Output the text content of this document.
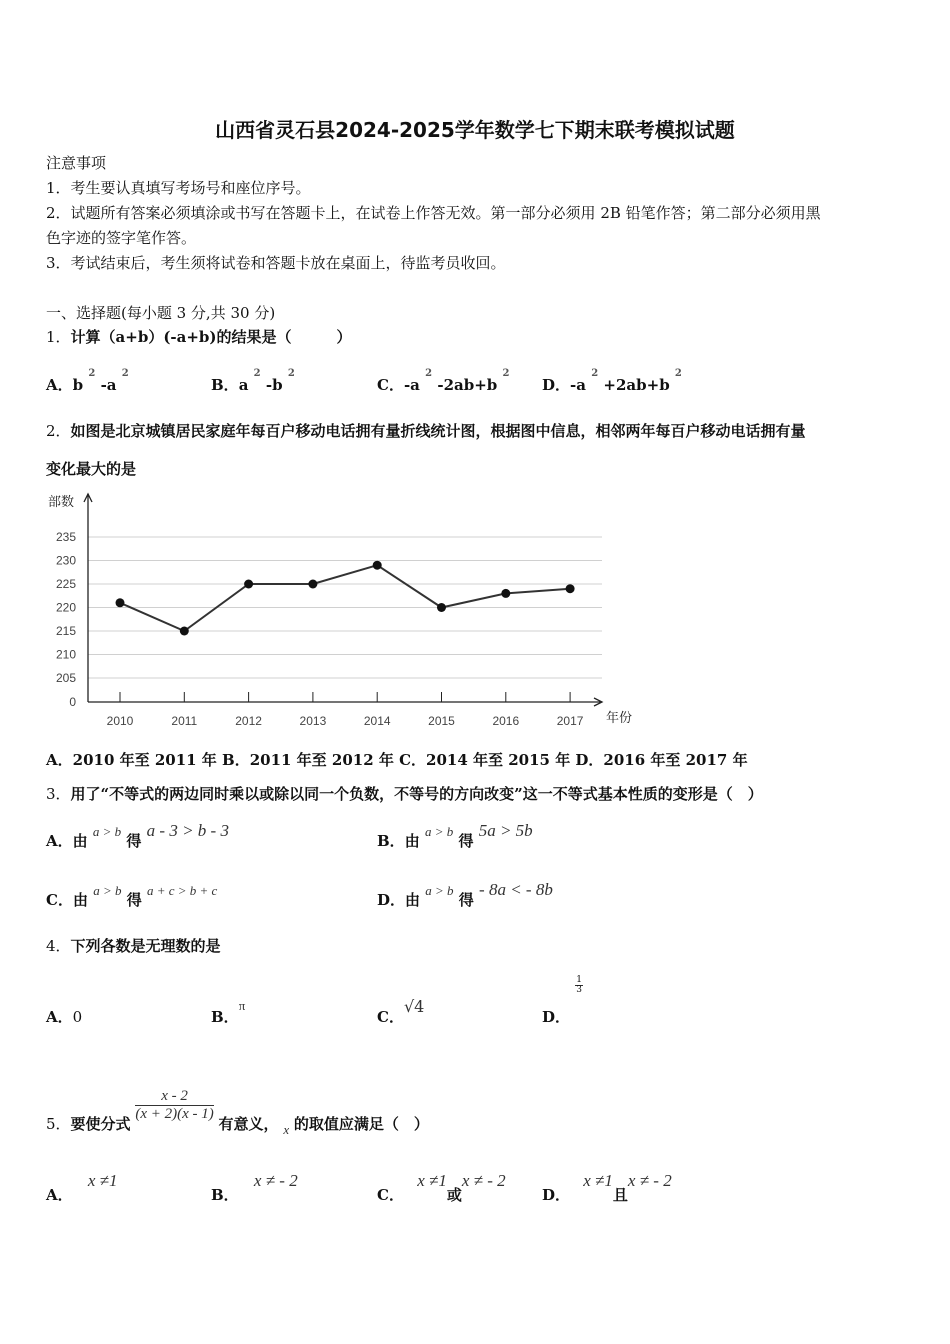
山西省灵石县2024-2025学年数学七下期末联考模拟试题
注意事项
1．考生要认真填写考场号和座位序号。
2．试题所有答案必须填涂或书写在答题卡上，在试卷上作答无效。第一部分必须用 2B 铅笔作答；第二部分必须用黑
色字迹的签字笔作答。
3．考试结束后，考生须将试卷和答题卡放在桌面上，待监考员收回。
一、选择题(每小题 3 分,共 30 分)
1．计算（a+b）(-a+b)的结果是（　　　）
A．b $^2$ -a $^2$
B．a $^2$ -b $^2$
C．-a $^2$ -2ab+b $^2$
D．-a $^2$ +2ab+b $^2$
2．如图是北京城镇居民家庭年每百户移动电话拥有量折线统计图，根据图中信息，相邻两年每百户移动电话拥有量
变化最大的是
0
205
210
215
220
225
230
235
部数
年份
2010	2011	2012	2013	2014	2015	2016	2017
A．2010 年至 2011 年 B．2011 年至 2012 年 C．2014 年至 2015 年 D．2016 年至 2017 年
3．用了“不等式的两边同时乘以或除以同一个负数，不等号的方向改变”这一不等式基本性质的变形是（　）
A．由 a > b 得 a - 3 > b - 3
B．由 a > b 得 5a > 5b
C．由 a > b 得 a + c > b + c
D．由 a > b 得 - 8a < - 8b
4．下列各数是无理数的是
A．0	B．π
C．√4
D．
$\frac{1}{3}$
5．要使分式
$\frac{x - 2}{(x + 2)(x - 1)}$
有意义， x 的取值应满足（　）
A． x ≠1
B． x ≠ - 2
C． x ≠1或x ≠ - 2
D． x ≠1且x ≠ - 2
